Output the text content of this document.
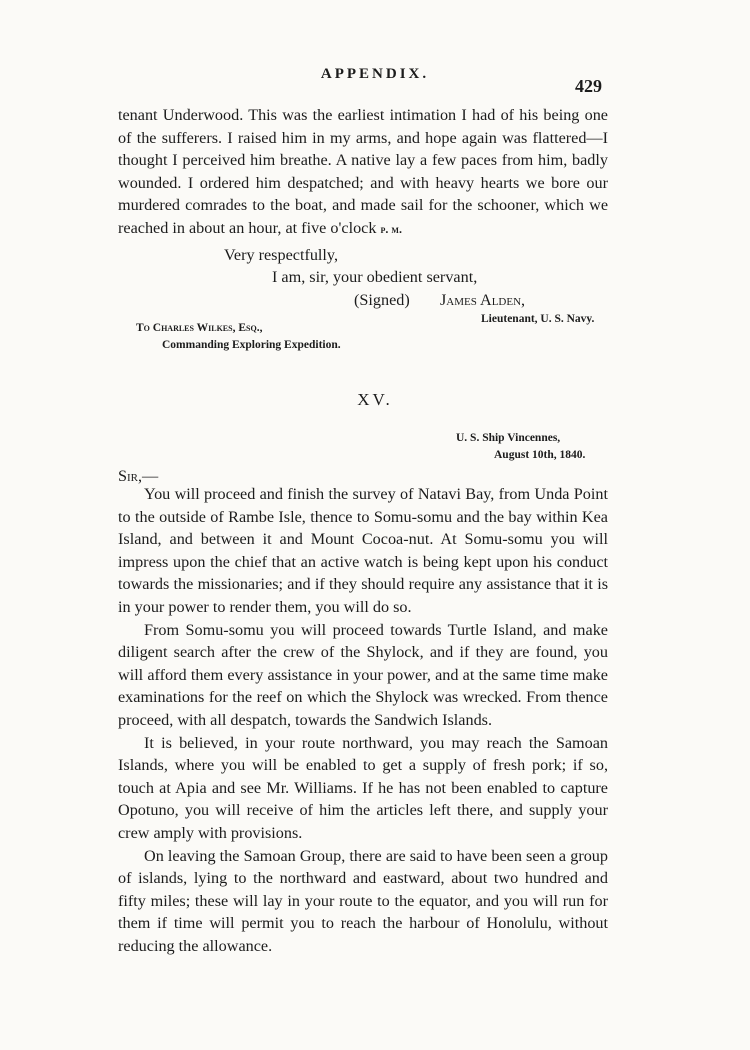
APPENDIX.
429

tenant Underwood. This was the earliest intimation I had of his being one of the sufferers. I raised him in my arms, and hope again was flattered—I thought I perceived him breathe. A native lay a few paces from him, badly wounded. I ordered him despatched; and with heavy hearts we bore our murdered comrades to the boat, and made sail for the schooner, which we reached in about an hour, at five o'clock p. m.

Very respectfully,
I am, sir, your obedient servant,
(Signed) James Alden,
Lieutenant, U. S. Navy.
To Charles Wilkes, Esq.,
Commanding Exploring Expedition.
XV.
U. S. Ship Vincennes,
August 10th, 1840.
Sir,—

You will proceed and finish the survey of Natavi Bay, from Unda Point to the outside of Rambe Isle, thence to Somu-somu and the bay within Kea Island, and between it and Mount Cocoa-nut. At Somu-somu you will impress upon the chief that an active watch is being kept upon his conduct towards the missionaries; and if they should require any assistance that it is in your power to render them, you will do so.

From Somu-somu you will proceed towards Turtle Island, and make diligent search after the crew of the Shylock, and if they are found, you will afford them every assistance in your power, and at the same time make examinations for the reef on which the Shylock was wrecked. From thence proceed, with all despatch, towards the Sandwich Islands.

It is believed, in your route northward, you may reach the Samoan Islands, where you will be enabled to get a supply of fresh pork; if so, touch at Apia and see Mr. Williams. If he has not been enabled to capture Opotuno, you will receive of him the articles left there, and supply your crew amply with provisions.

On leaving the Samoan Group, there are said to have been seen a group of islands, lying to the northward and eastward, about two hundred and fifty miles; these will lay in your route to the equator, and you will run for them if time will permit you to reach the harbour of Honolulu, without reducing the allowance.
